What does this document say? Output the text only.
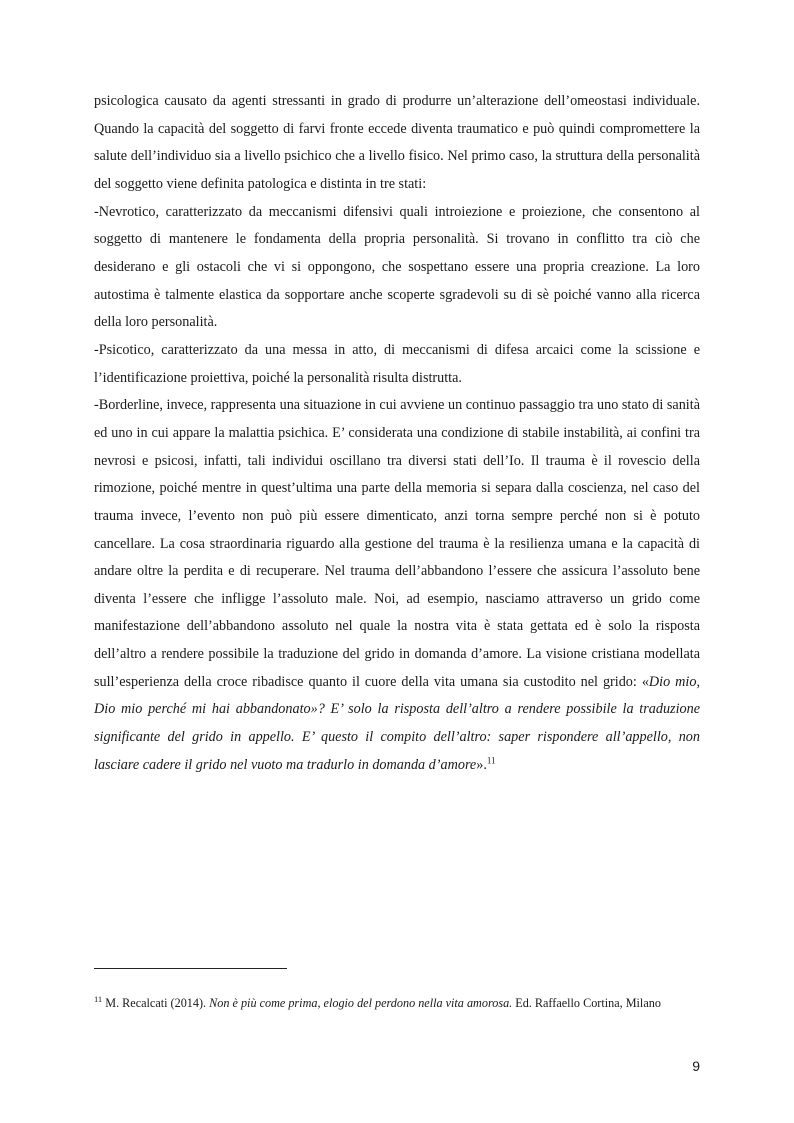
psicologica causato da agenti stressanti in grado di produrre un’alterazione dell’omeostasi individuale. Quando la capacità del soggetto di farvi fronte eccede diventa traumatico e può quindi compromettere la salute dell’individuo sia a livello psichico che a livello fisico. Nel primo caso, la struttura della personalità del soggetto viene definita patologica e distinta in tre stati:

-Nevrotico, caratterizzato da meccanismi difensivi quali introiezione e proiezione, che consentono al soggetto di mantenere le fondamenta della propria personalità. Si trovano in conflitto tra ciò che desiderano e gli ostacoli che vi si oppongono, che sospettano essere una propria creazione. La loro autostima è talmente elastica da sopportare anche scoperte sgradevoli su di sè poiché vanno alla ricerca della loro personalità.

-Psicotico, caratterizzato da una messa in atto, di meccanismi di difesa arcaici come la scissione e l’identificazione proiettiva, poiché la personalità risulta distrutta.

-Borderline, invece, rappresenta una situazione in cui avviene un continuo passaggio tra uno stato di sanità ed uno in cui appare la malattia psichica. E’ considerata una condizione di stabile instabilità, ai confini tra nevrosi e psicosi, infatti, tali individui oscillano tra diversi stati dell’Io. Il trauma è il rovescio della rimozione, poiché mentre in quest’ultima una parte della memoria si separa dalla coscienza, nel caso del trauma invece, l’evento non può più essere dimenticato, anzi torna sempre perché non si è potuto cancellare. La cosa straordinaria riguardo alla gestione del trauma è la resilienza umana e la capacità di andare oltre la perdita e di recuperare. Nel trauma dell’abbandono l’essere che assicura l’assoluto bene diventa l’essere che infligge l’assoluto male. Noi, ad esempio, nasciamo attraverso un grido come manifestazione dell’abbandono assoluto nel quale la nostra vita è stata gettata ed è solo la risposta dell’altro a rendere possibile la traduzione del grido in domanda d’amore. La visione cristiana modellata sull’esperienza della croce ribadisce quanto il cuore della vita umana sia custodito nel grido: «Dio mio, Dio mio perché mi hai abbandonato»? E’ solo la risposta dell’altro a rendere possibile la traduzione significante del grido in appello. E’ questo il compito dell’altro: saper rispondere all’appello, non lasciare cadere il grido nel vuoto ma tradurlo in domanda d’amore».$^{11}$

$^{11}$ M. Recalcati (2014). Non è più come prima, elogio del perdono nella vita amorosa. Ed. Raffaello Cortina, Milano

9
